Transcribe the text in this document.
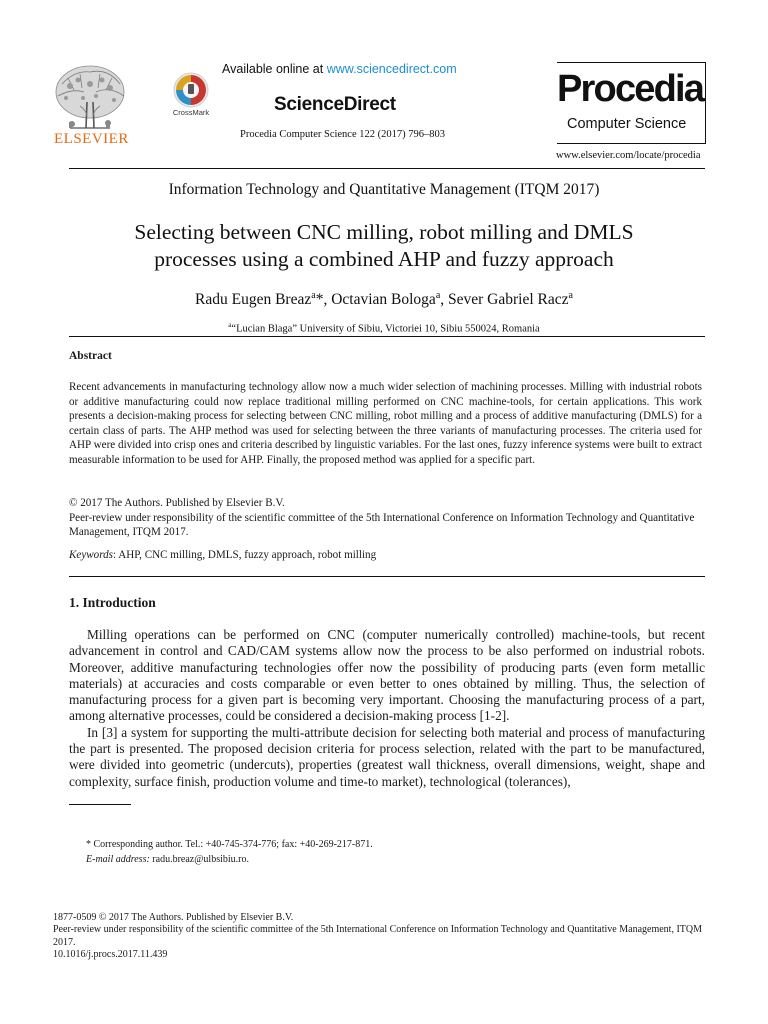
ELSEVIER
CrossMark
Available online at www.sciencedirect.com
ScienceDirect
Procedia Computer Science 122 (2017) 796–803
Procedia
Computer Science
www.elsevier.com/locate/procedia
Information Technology and Quantitative Management (ITQM 2017)
Selecting between CNC milling, robot milling and DMLS
processes using a combined AHP and fuzzy approach
Radu Eugen Breaz$^a$*, Octavian Bologa$^a$, Sever Gabriel Racz$^a$
$^a$“Lucian Blaga” University of Sibiu, Victoriei 10, Sibiu 550024, Romania
Abstract
Recent advancements in manufacturing technology allow now a much wider selection of machining processes. Milling with industrial robots or additive manufacturing could now replace traditional milling performed on CNC machine-tools, for certain applications. This work presents a decision-making process for selecting between CNC milling, robot milling and a process of additive manufacturing (DMLS) for a certain class of parts. The AHP method was used for selecting between the three variants of manufacturing processes. The criteria used for AHP were divided into crisp ones and criteria described by linguistic variables. For the last ones, fuzzy inference systems were built to extract measurable information to be used for AHP. Finally, the proposed method was applied for a specific part.
© 2017 The Authors. Published by Elsevier B.V.
Peer-review under responsibility of the scientific committee of the 5th International Conference on Information Technology and Quantitative Management, ITQM 2017.
Keywords: AHP, CNC milling, DMLS, fuzzy approach, robot milling
1. Introduction

Milling operations can be performed on CNC (computer numerically controlled) machine-tools, but recent advancement in control and CAD/CAM systems allow now the process to be also performed on industrial robots. Moreover, additive manufacturing technologies offer now the possibility of producing parts (even form metallic materials) at accuracies and costs comparable or even better to ones obtained by milling. Thus, the selection of manufacturing process for a given part is becoming very important. Choosing the manufacturing process of a part, among alternative processes, could be considered a decision-making process [1-2].

In [3] a system for supporting the multi-attribute decision for selecting both material and process of manufacturing the part is presented. The proposed decision criteria for process selection, related with the part to be manufactured, were divided into geometric (undercuts), properties (greatest wall thickness, overall dimensions, weight, shape and complexity, surface finish, production volume and time-to market), technological (tolerances),

* Corresponding author. Tel.: +40-745-374-776; fax: +40-269-217-871.
E-mail address: radu.breaz@ulbsibiu.ro.
1877-0509 © 2017 The Authors. Published by Elsevier B.V.
Peer-review under responsibility of the scientific committee of the 5th International Conference on Information Technology and Quantitative Management, ITQM 2017.
10.1016/j.procs.2017.11.439
